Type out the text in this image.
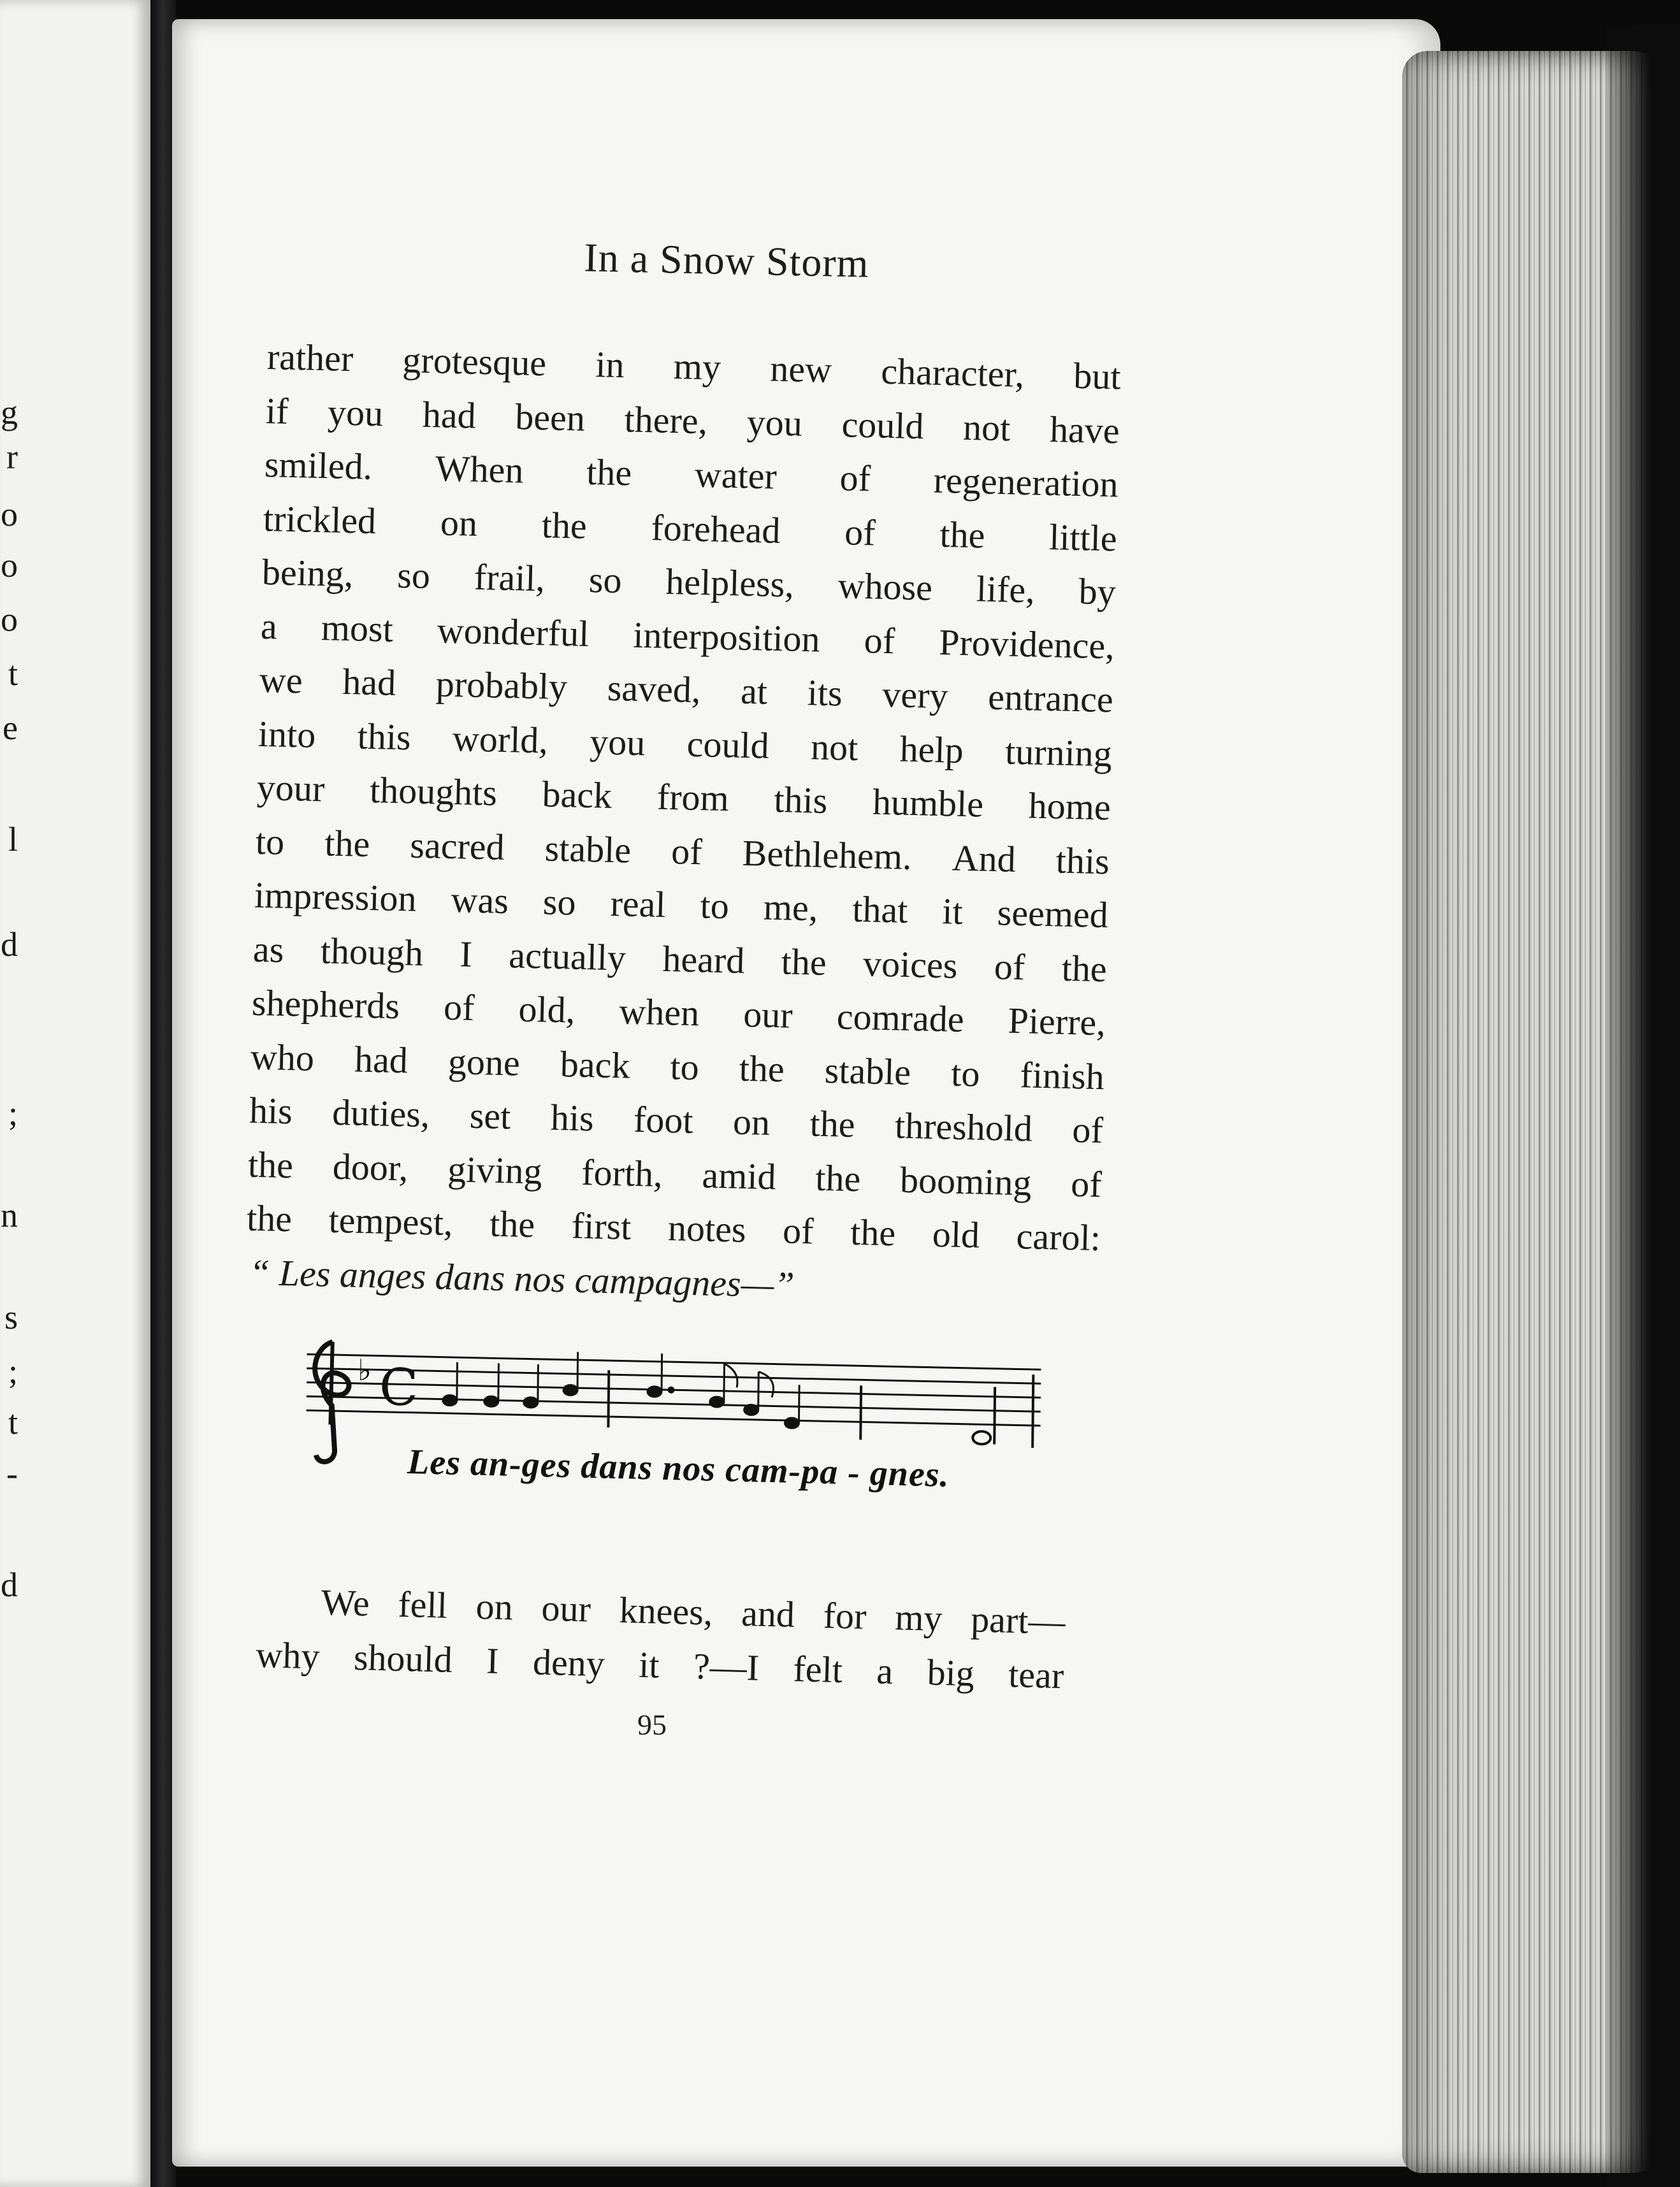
g
r
o
o
o
t
e
l
d
;
n
s
;
t
-
d
In a Snow Storm
rather grotesque in my new character, but
if you had been there, you could not have
smiled. When the water of regeneration
trickled on the forehead of the little
being, so frail, so helpless, whose life, by
a most wonderful interposition of Providence,
we had probably saved, at its very entrance
into this world, you could not help turning
your thoughts back from this humble home
to the sacred stable of Bethlehem. And this
impression was so real to me, that it seemed
as though I actually heard the voices of the
shepherds of old, when our comrade Pierre,
who had gone back to the stable to finish
his duties, set his foot on the threshold of
the door, giving forth, amid the booming of
the tempest, the first notes of the old carol:
“ Les anges dans nos campagnes—”
♭ C
Les an-ges dans nos cam-pa - gnes.
We fell on our knees, and for my part—
why should I deny it ?—I felt a big tear
95
